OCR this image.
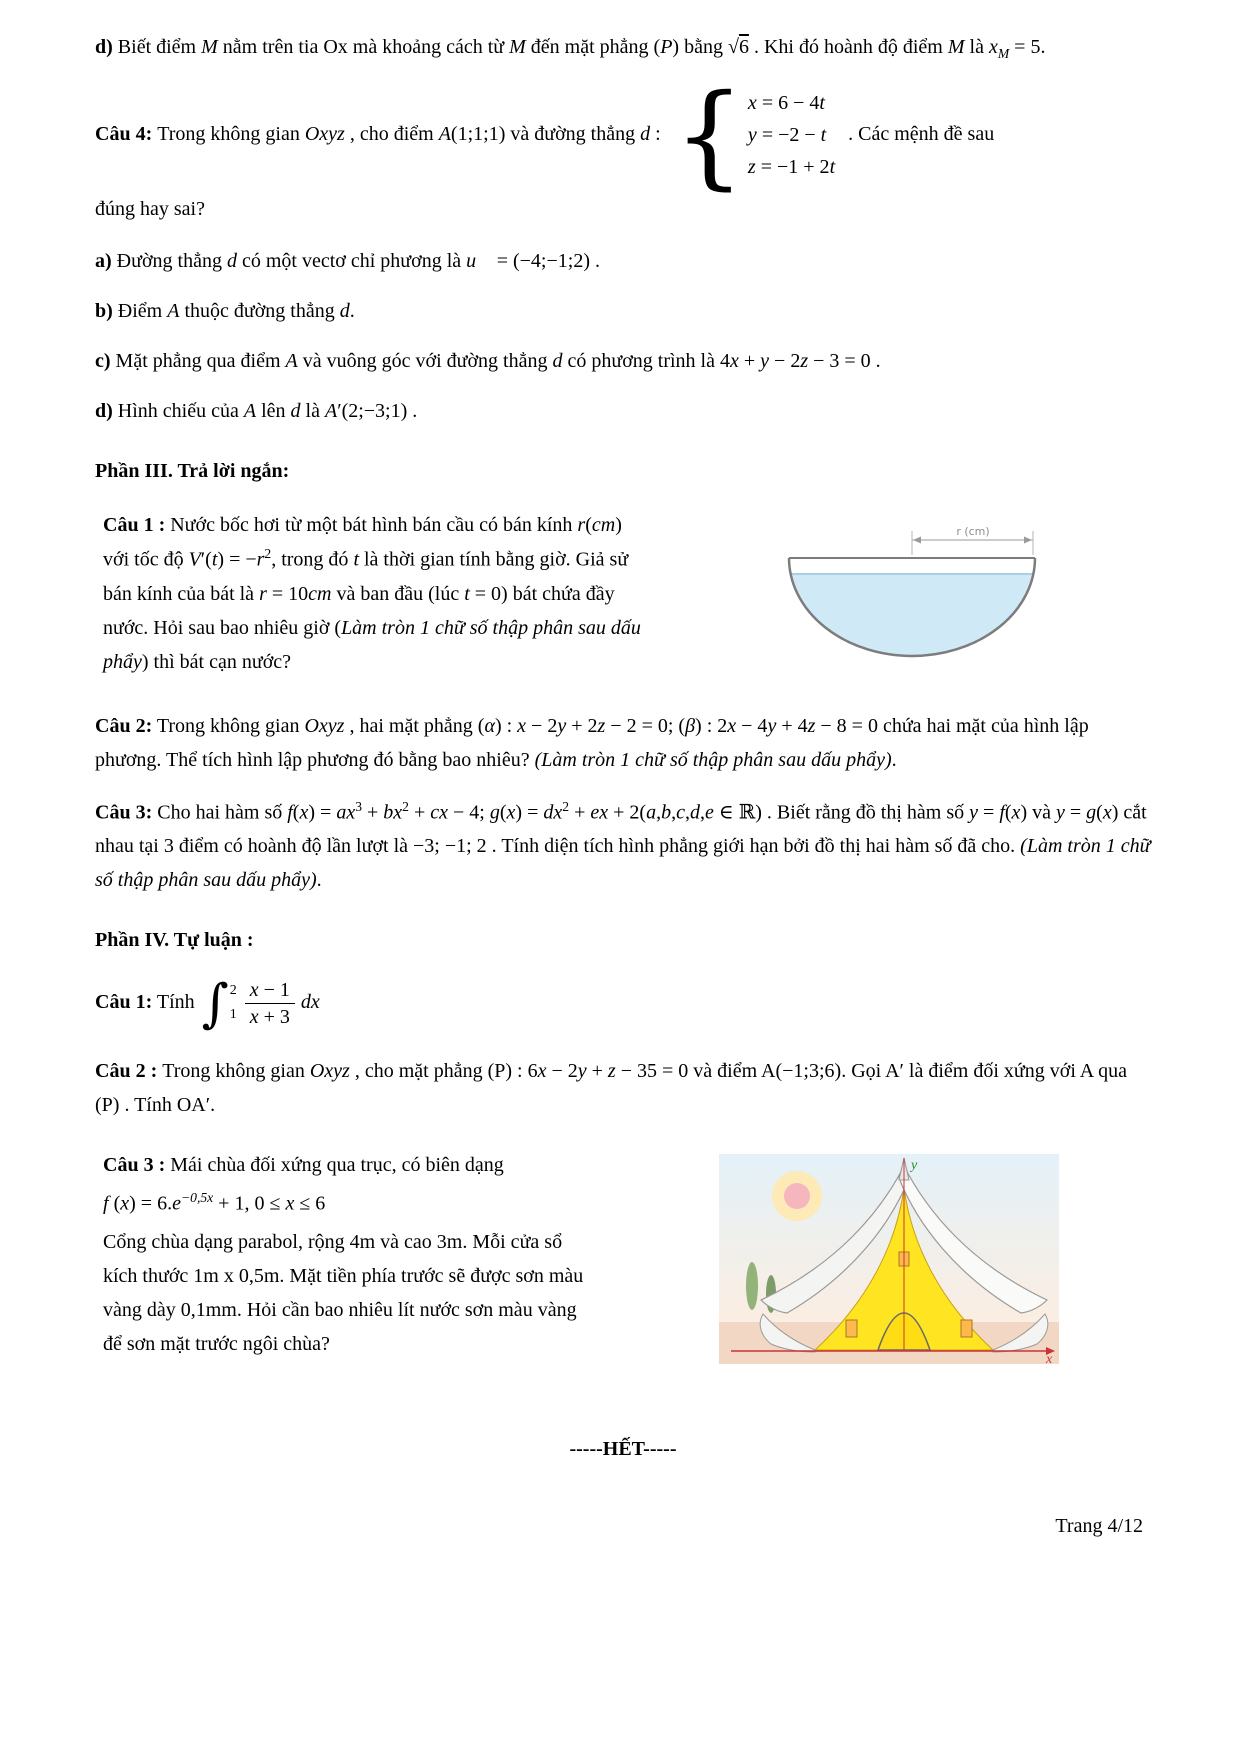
d) Biết điểm M nằm trên tia Ox mà khoảng cách từ M đến mặt phẳng (P) bằng √6 . Khi đó hoành độ điểm M là $x_M = 5$.

Câu 4: Trong không gian Oxyz , cho điểm A(1;1;1) và đường thẳng d : { x = 6 − 4t
y = −2 − t
z = −1 + 2t
. Các mệnh đề sau

đúng hay sai?

a) Đường thẳng d có một vectơ chỉ phương là u⃗ = (−4;−1;2) .

b) Điểm A thuộc đường thẳng d.

c) Mặt phẳng qua điểm A và vuông góc với đường thẳng d có phương trình là 4x + y − 2z − 3 = 0 .

d) Hình chiếu của A lên d là A′(2;−3;1) .

Phần III. Trả lời ngắn:

Câu 1 : Nước bốc hơi từ một bát hình bán cầu có bán kính r(cm) với tốc độ $V'(t) = -r^2$, trong đó t là thời gian tính bằng giờ. Giả sử bán kính của bát là r = 10cm và ban đầu (lúc t = 0) bát chứa đầy nước. Hỏi sau bao nhiêu giờ (Làm tròn 1 chữ số thập phân sau dấu phẩy) thì bát cạn nước?

r (cm)

Câu 2: Trong không gian Oxyz , hai mặt phẳng (α) : x − 2y + 2z − 2 = 0; (β) : 2x − 4y + 4z − 8 = 0 chứa hai mặt của hình lập phương. Thể tích hình lập phương đó bằng bao nhiêu? (Làm tròn 1 chữ số thập phân sau dấu phẩy).

Câu 3: Cho hai hàm số $f(x) = ax^3 + bx^2$ + cx − 4; $g(x) = dx^2$ + ex + 2(a,b,c,d,e ∈ ℝ) . Biết rằng đồ thị hàm số y = f(x) và y = g(x) cắt nhau tại 3 điểm có hoành độ lần lượt là −3; −1; 2 . Tính diện tích hình phẳng giới hạn bởi đồ thị hai hàm số đã cho. (Làm tròn 1 chữ số thập phân sau dấu phẩy).

Phần IV. Tự luận :

Câu 1: Tính ∫ 2
$1 \frac{x - 1}{x + 3}$ dx

Câu 2 : Trong không gian Oxyz , cho mặt phẳng (P) : 6x − 2y + z − 35 = 0 và điểm A(−1;3;6). Gọi A′ là điểm đối xứng với A qua (P) . Tính OA′.

Câu 3 : Mái chùa đối xứng qua trục, có biên dạng

f $(x) = 6.e^{-0,5x} + 1$, 0 ≤ x ≤ 6

Cổng chùa dạng parabol, rộng 4m và cao 3m. Mỗi cửa sổ kích thước 1m x 0,5m. Mặt tiền phía trước sẽ được sơn màu vàng dày 0,1mm. Hỏi cần bao nhiêu lít nước sơn màu vàng để sơn mặt trước ngôi chùa?

y
x

-----HẾT-----

Trang 4/12
